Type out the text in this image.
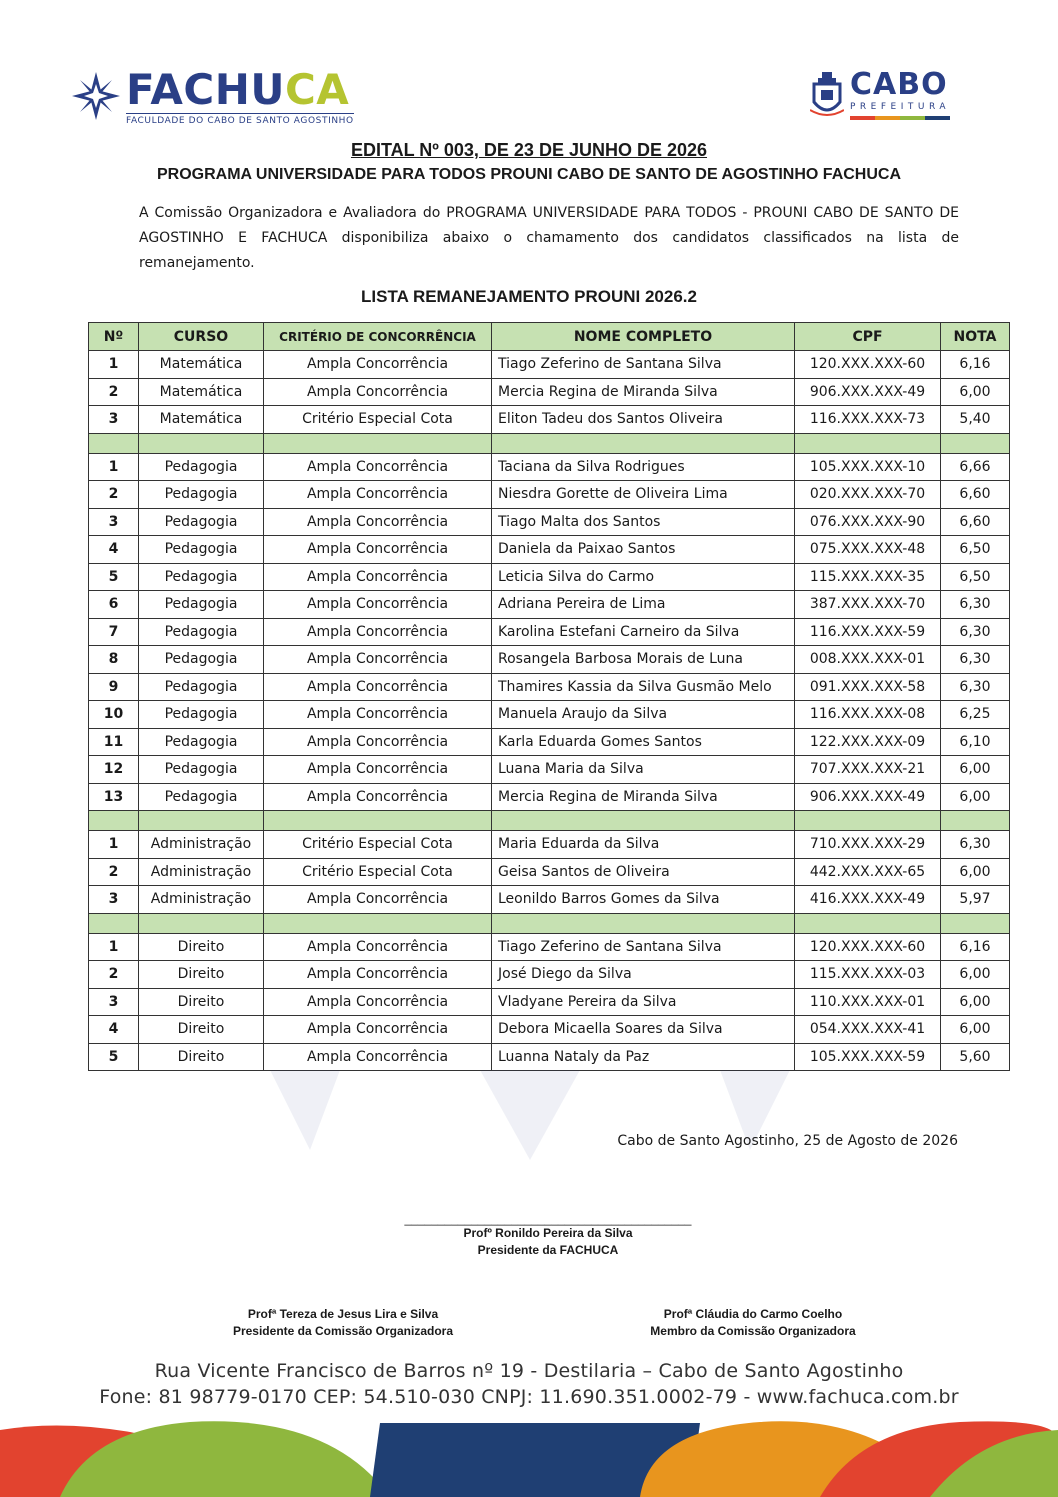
FACHUCA
FACULDADE DO CABO DE SANTO AGOSTINHO
CABO
PREFEITURA

EDITAL Nº 003, DE 23 DE JUNHO DE 2026

PROGRAMA UNIVERSIDADE PARA TODOS PROUNI CABO DE SANTO DE AGOSTINHO FACHUCA

A Comissão Organizadora e Avaliadora do PROGRAMA UNIVERSIDADE PARA TODOS - PROUNI CABO DE SANTO DE AGOSTINHO E FACHUCA disponibiliza abaixo o chamamento dos candidatos classificados na lista de remanejamento.

LISTA REMANEJAMENTO PROUNI 2026.2

Nº	CURSO	CRITÉRIO DE CONCORRÊNCIA	NOME COMPLETO	CPF	NOTA
1	Matemática	Ampla Concorrência	Tiago Zeferino de Santana Silva	120.XXX.XXX-60	6,16
2	Matemática	Ampla Concorrência	Mercia Regina de Miranda Silva	906.XXX.XXX-49	6,00
3	Matemática	Critério Especial Cota	Eliton Tadeu dos Santos Oliveira	116.XXX.XXX-73	5,40

1	Pedagogia	Ampla Concorrência	Taciana da Silva Rodrigues	105.XXX.XXX-10	6,66
2	Pedagogia	Ampla Concorrência	Niesdra Gorette de Oliveira Lima	020.XXX.XXX-70	6,60
3	Pedagogia	Ampla Concorrência	Tiago Malta dos Santos	076.XXX.XXX-90	6,60
4	Pedagogia	Ampla Concorrência	Daniela da Paixao Santos	075.XXX.XXX-48	6,50
5	Pedagogia	Ampla Concorrência	Leticia Silva do Carmo	115.XXX.XXX-35	6,50
6	Pedagogia	Ampla Concorrência	Adriana Pereira de Lima	387.XXX.XXX-70	6,30
7	Pedagogia	Ampla Concorrência	Karolina Estefani Carneiro da Silva	116.XXX.XXX-59	6,30
8	Pedagogia	Ampla Concorrência	Rosangela Barbosa Morais de Luna	008.XXX.XXX-01	6,30
9	Pedagogia	Ampla Concorrência	Thamires Kassia da Silva Gusmão Melo	091.XXX.XXX-58	6,30
10	Pedagogia	Ampla Concorrência	Manuela Araujo da Silva	116.XXX.XXX-08	6,25
11	Pedagogia	Ampla Concorrência	Karla Eduarda Gomes Santos	122.XXX.XXX-09	6,10
12	Pedagogia	Ampla Concorrência	Luana Maria da Silva	707.XXX.XXX-21	6,00
13	Pedagogia	Ampla Concorrência	Mercia Regina de Miranda Silva	906.XXX.XXX-49	6,00

1	Administração	Critério Especial Cota	Maria Eduarda da Silva	710.XXX.XXX-29	6,30
2	Administração	Critério Especial Cota	Geisa Santos de Oliveira	442.XXX.XXX-65	6,00
3	Administração	Ampla Concorrência	Leonildo Barros Gomes da Silva	416.XXX.XXX-49	5,97

1	Direito	Ampla Concorrência	Tiago Zeferino de Santana Silva	120.XXX.XXX-60	6,16
2	Direito	Ampla Concorrência	José Diego da Silva	115.XXX.XXX-03	6,00
3	Direito	Ampla Concorrência	Vladyane Pereira da Silva	110.XXX.XXX-01	6,00
4	Direito	Ampla Concorrência	Debora Micaella Soares da Silva	054.XXX.XXX-41	6,00
5	Direito	Ampla Concorrência	Luanna Nataly da Paz	105.XXX.XXX-59	5,60

Cabo de Santo Agostinho, 25 de Agosto de 2026

___________________________________________
Profº Ronildo Pereira da Silva
Presidente da FACHUCA
Profª Tereza de Jesus Lira e Silva
Presidente da Comissão Organizadora
Profª Cláudia do Carmo Coelho
Membro da Comissão Organizadora
Rua Vicente Francisco de Barros nº 19 - Destilaria – Cabo de Santo Agostinho
Fone: 81 98779-0170 CEP: 54.510-030 CNPJ: 11.690.351.0002-79 - www.fachuca.com.br
